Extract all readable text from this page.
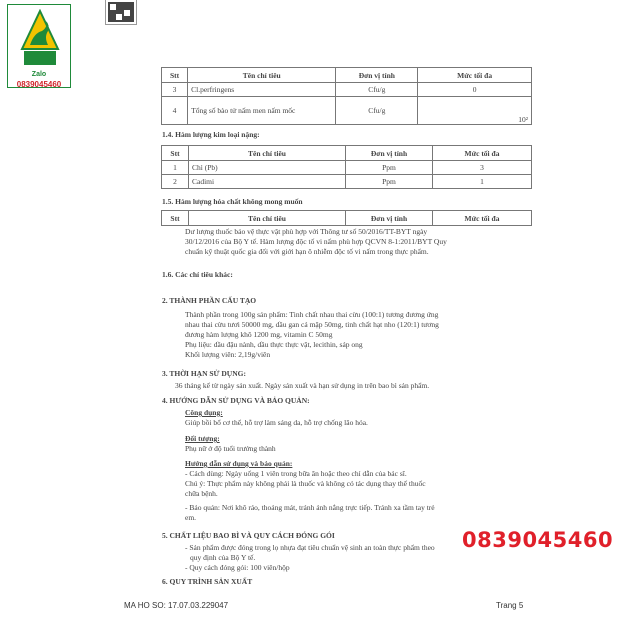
Zalo
0839045460
Stt	Tên chỉ tiêu	Đơn vị tính	Mức tối đa
3	Cl.perfringens	Cfu/g	0
4	Tổng số bào tử nấm men nấm mốc	Cfu/g	10²
1.4. Hàm lượng kim loại nặng:
Stt	Tên chỉ tiêu	Đơn vị tính	Mức tối đa
1	Chì (Pb)	Ppm	3
2	Cadimi	Ppm	1
1.5. Hàm lượng hóa chất không mong muốn
Stt	Tên chỉ tiêu	Đơn vị tính	Mức tối đa
Dư lượng thuốc bảo vệ thực vật phù hợp với Thông tư số 50/2016/TT-BYT ngày
30/12/2016 của Bộ Y tế. Hàm lượng độc tố vi nấm phù hợp QCVN 8-1:2011/BYT Quy
chuẩn kỹ thuật quốc gia đối với giới hạn ô nhiễm độc tố vi nấm trong thực phẩm.
1.6. Các chỉ tiêu khác:
2. THÀNH PHẦN CẤU TẠO
Thành phần trong 100g sản phẩm: Tinh chất nhau thai cừu (100:1) tương đương ứng
nhau thai cừu tươi 50000 mg, dầu gan cá mập 50mg, tinh chất hạt nho (120:1) tương
đương hàm lượng khô 1200 mg, vitamin C 50mg
Phụ liệu: dầu đậu nành, dầu thực thực vật, lecithin, sáp ong
Khối lượng viên: 2,19g/viên
3. THỜI HẠN SỬ DỤNG:
36 tháng kể từ ngày sản xuất. Ngày sản xuất và hạn sử dụng in trên bao bì sản phẩm.
4. HƯỚNG DẪN SỬ DỤNG VÀ BẢO QUẢN:
Công dụng:
Giúp bồi bổ cơ thể, hỗ trợ làm sáng da, hỗ trợ chống lão hóa.
Đối tượng:
Phụ nữ ở độ tuổi trưởng thành
Hướng dẫn sử dụng và bảo quản:
- Cách dùng: Ngày uống 1 viên trong bữa ăn hoặc theo chỉ dẫn của bác sĩ.
Chú ý: Thực phẩm này không phải là thuốc và không có tác dụng thay thế thuốc
chữa bệnh.
- Bảo quản: Nơi khô ráo, thoáng mát, tránh ánh nắng trực tiếp. Tránh xa tầm tay trẻ
em.
5. CHẤT LIỆU BAO BÌ VÀ QUY CÁCH ĐÓNG GÓI
- Sản phẩm được đóng trong lọ nhựa đạt tiêu chuẩn vệ sinh an toàn thực phẩm theo
quy định của Bộ Y tế.
- Quy cách đóng gói: 100 viên/hộp
6. QUY TRÌNH SẢN XUẤT
0839045460
MA HO SO: 17.07.03.229047	Trang 5
